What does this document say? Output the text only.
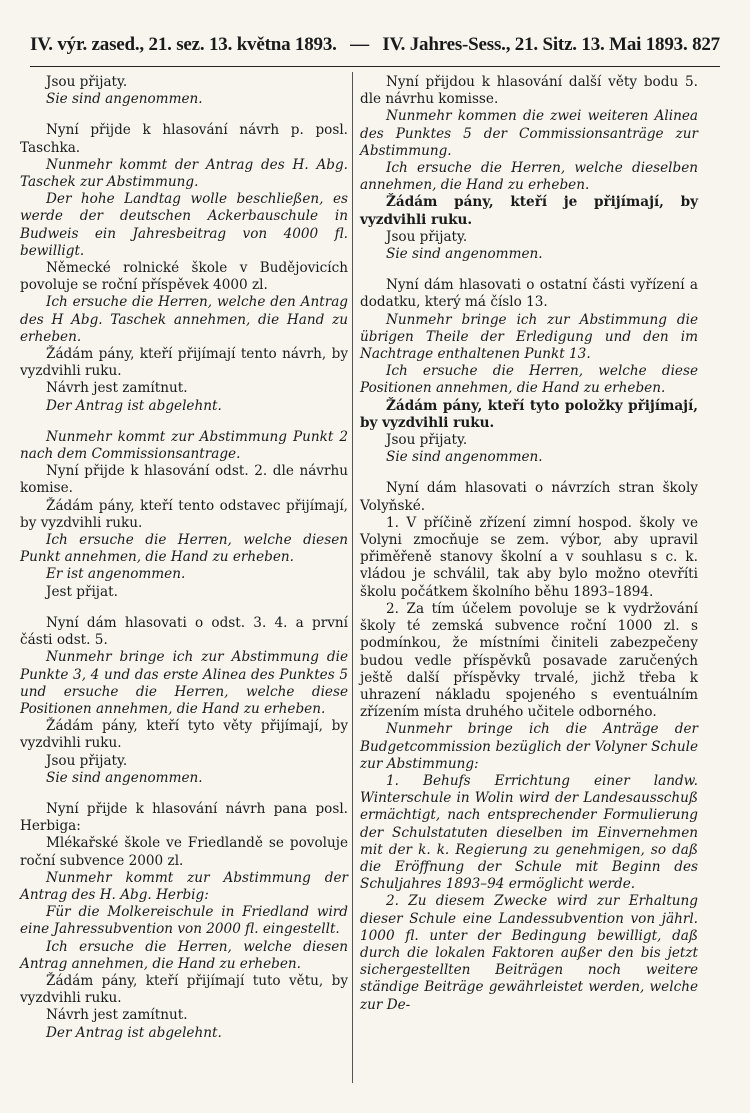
IV. výr. zased., 21. sez. 13. května 1893. — IV. Jahres-Sess., 21. Sitz. 13. Mai 1893. 827

Jsou přijaty.

Sie sind angenommen.

Nyní přijde k hlasování návrh p. posl. Taschka.

Nunmehr kommt der Antrag des H. Abg. Taschek zur Abstimmung.

Der hohe Landtag wolle beschließen, es werde der deutschen Ackerbauschule in Budweis ein Jahresbeitrag von 4000 fl. bewilligt.

Německé rolnické škole v Budějovicích povoluje se roční příspěvek 4000 zl.

Ich ersuche die Herren, welche den Antrag des H Abg. Taschek annehmen, die Hand zu erheben.

Žádám pány, kteří přijímají tento návrh, by vyzdvihli ruku.

Návrh jest zamítnut.

Der Antrag ist abgelehnt.

Nunmehr kommt zur Abstimmung Punkt 2 nach dem Commissionsantrage.

Nyní přijde k hlasování odst. 2. dle návrhu komise.

Žádám pány, kteří tento odstavec přijímají, by vyzdvihli ruku.

Ich ersuche die Herren, welche diesen Punkt annehmen, die Hand zu erheben.

Er ist angenommen.

Jest přijat.

Nyní dám hlasovati o odst. 3. 4. a první části odst. 5.

Nunmehr bringe ich zur Abstimmung die Punkte 3, 4 und das erste Alinea des Punktes 5 und ersuche die Herren, welche diese Positionen annehmen, die Hand zu erheben.

Žádám pány, kteří tyto věty přijímají, by vyzdvihli ruku.

Jsou přijaty.

Sie sind angenommen.

Nyní přijde k hlasování návrh pana posl. Herbiga:

Mlékařské škole ve Friedlandě se povoluje roční subvence 2000 zl.

Nunmehr kommt zur Abstimmung der Antrag des H. Abg. Herbig:

Für die Molkereischule in Friedland wird eine Jahressubvention von 2000 fl. eingestellt.

Ich ersuche die Herren, welche diesen Antrag annehmen, die Hand zu erheben.

Žádám pány, kteří přijímají tuto větu, by vyzdvihli ruku.

Návrh jest zamítnut.

Der Antrag ist abgelehnt.

Nyní přijdou k hlasování další věty bodu 5. dle návrhu komisse.

Nunmehr kommen die zwei weiteren Alinea des Punktes 5 der Commissionsanträge zur Abstimmung.

Ich ersuche die Herren, welche dieselben annehmen, die Hand zu erheben.

Žádám pány, kteří je přijímají, by vyzdvihli ruku.

Jsou přijaty.

Sie sind angenommen.

Nyní dám hlasovati o ostatní části vyřízení a dodatku, který má číslo 13.

Nunmehr bringe ich zur Abstimmung die übrigen Theile der Erledigung und den im Nachtrage enthaltenen Punkt 13.

Ich ersuche die Herren, welche diese Positionen annehmen, die Hand zu erheben.

Žádám pány, kteří tyto položky přijímají, by vyzdvihli ruku.

Jsou přijaty.

Sie sind angenommen.

Nyní dám hlasovati o návrzích stran školy Volyňské.

1. V příčině zřízení zimní hospod. školy ve Volyni zmocňuje se zem. výbor, aby upravil přiměřeně stanovy školní a v souhlasu s c. k. vládou je schválil, tak aby bylo možno otevříti školu počátkem školního běhu 1893–1894.

2. Za tím účelem povoluje se k vydržování školy té zemská subvence roční 1000 zl. s podmínkou, že místními činiteli zabezpečeny budou vedle příspěvků posavade zaručených ještě další příspěvky trvalé, jichž třeba k uhrazení nákladu spojeného s eventuálním zřízením místa druhého učitele odborného.

Nunmehr bringe ich die Anträge der Budgetcommission bezüglich der Volyner Schule zur Abstimmung:

1. Behufs Errichtung einer landw. Winterschule in Wolin wird der Landesausschuß ermächtigt, nach entsprechender Formulierung der Schulstatuten dieselben im Einvernehmen mit der k. k. Regierung zu genehmigen, so daß die Eröffnung der Schule mit Beginn des Schuljahres 1893–94 ermöglicht werde.

2. Zu diesem Zwecke wird zur Erhaltung dieser Schule eine Landessubvention von jährl. 1000 fl. unter der Bedingung bewilligt, daß durch die lokalen Faktoren außer den bis jetzt sichergestellten Beiträgen noch weitere ständige Beiträge gewährleistet werden, welche zur De-
